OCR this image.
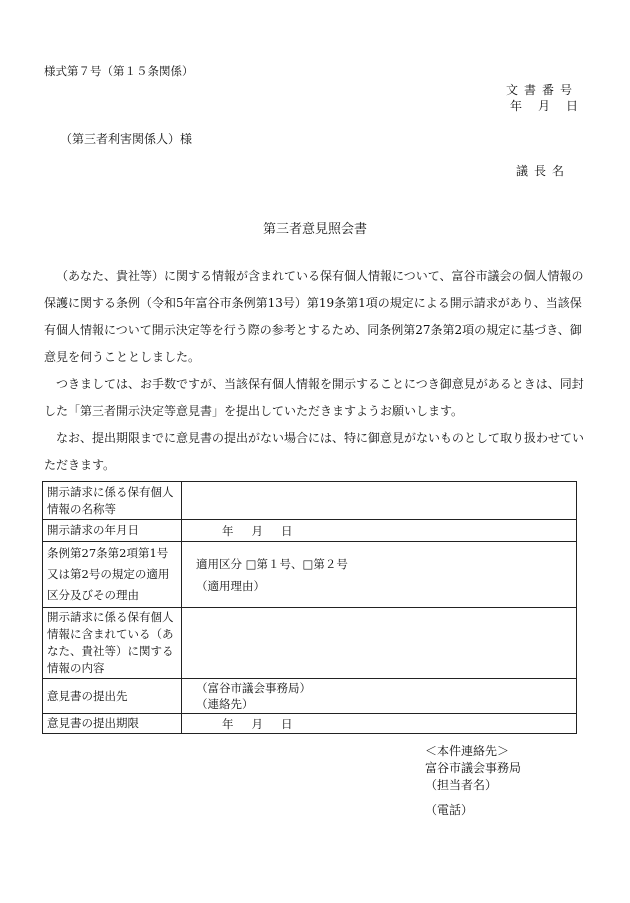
様式第７号（第１５条関係）
文書番号
年 月 日
（第三者利害関係人）様
議長名
第三者意見照会書

（あなた、貴社等）に関する情報が含まれている保有個人情報について、富谷市議会の個人情報の保護に関する条例（令和5年富谷市条例第13号）第19条第1項の規定による開示請求があり、当該保有個人情報について開示決定等を行う際の参考とするため、同条例第27条第2項の規定に基づき、御意見を伺うこととしました。

つきましては、お手数ですが、当該保有個人情報を開示することにつき御意見があるときは、同封した「第三者開示決定等意見書」を提出していただきますようお願いします。

なお、提出期限までに意見書の提出がない場合には、特に御意見がないものとして取り扱わせていただきます。

開示請求に係る保有個人情報の名称等	
開示請求の年月日	年 月 日
条例第27条第2項第1号又は第2号の規定の適用区分及びその理由	適用区分 □第１号、□第２号
（適用理由）

開示請求に係る保有個人情報に含まれている（あなた、貴社等）に関する情報の内容	
意見書の提出先	（富谷市議会事務局）
（連絡先）

意見書の提出期限	年 月 日
＜本件連絡先＞
富谷市議会事務局
（担当者名）
（電話）
